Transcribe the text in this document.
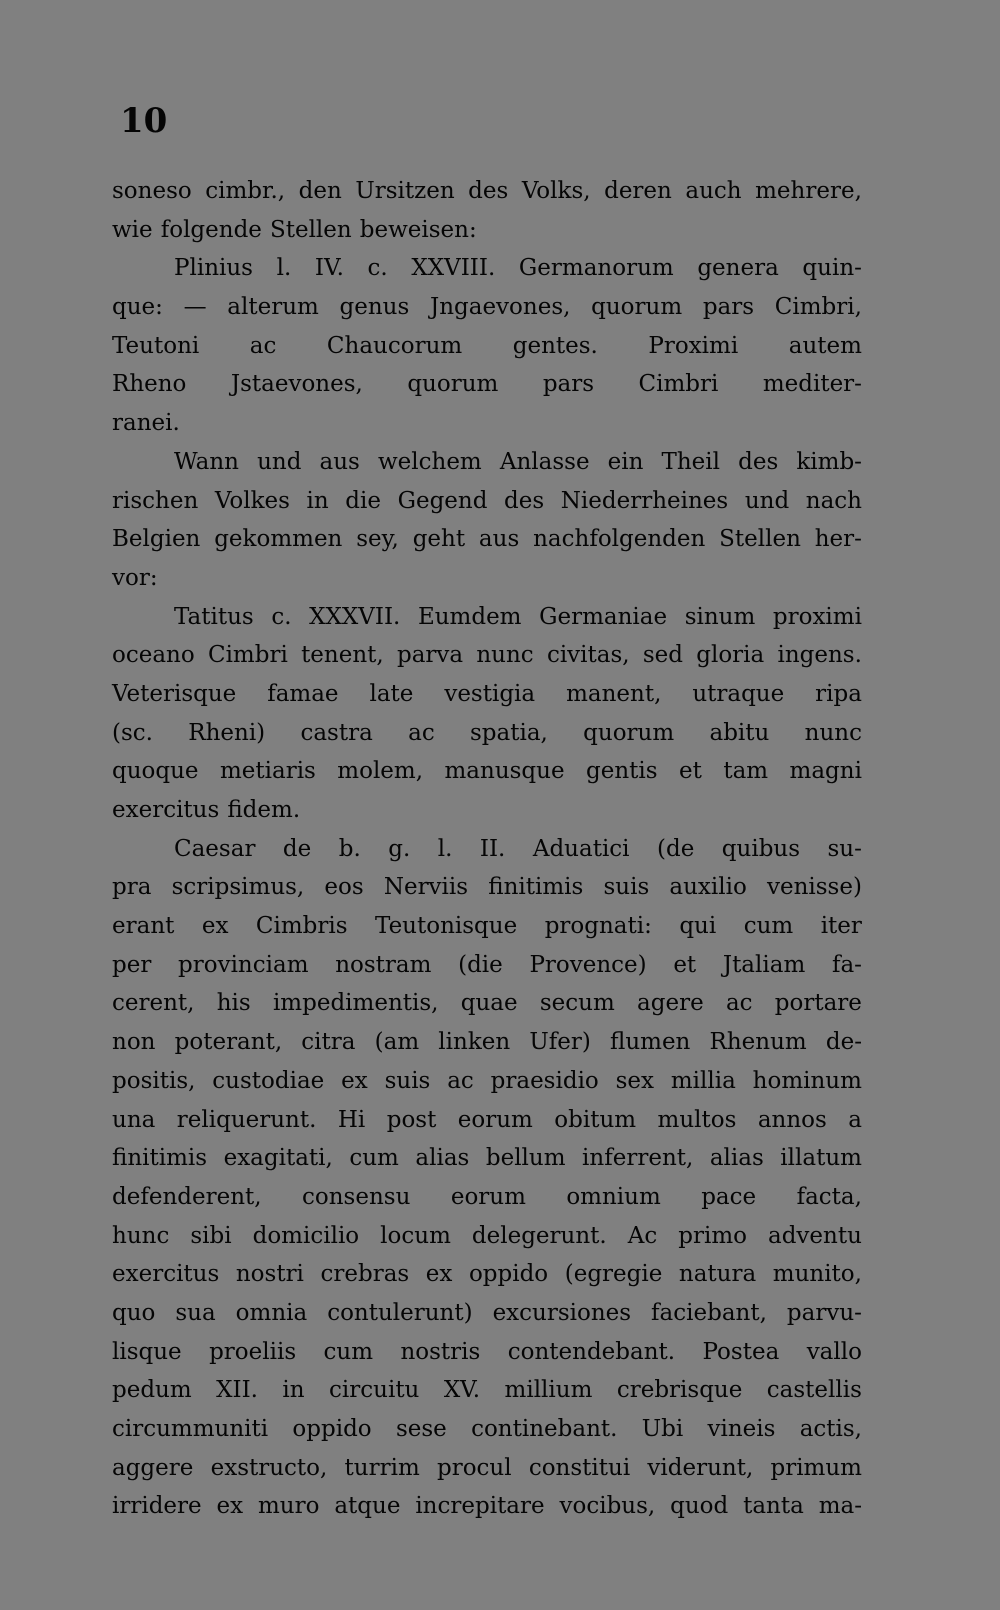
10
soneso cimbr., den Ursitzen des Volks, deren auch mehrere,
wie folgende Stellen beweisen:
Plinius l. IV. c. XXVIII. Germanorum genera quin-
que: — alterum genus Jngaevones, quorum pars Cimbri,
Teutoni ac Chaucorum gentes. Proximi autem
Rheno Jstaevones, quorum pars Cimbri mediter-
ranei.
Wann und aus welchem Anlasse ein Theil des kimb-
rischen Volkes in die Gegend des Niederrheines und nach
Belgien gekommen sey, geht aus nachfolgenden Stellen her-
vor:
Tatitus c. XXXVII. Eumdem Germaniae sinum proximi
oceano Cimbri tenent, parva nunc civitas, sed gloria ingens.
Veterisque famae late vestigia manent, utraque ripa
(sc. Rheni) castra ac spatia, quorum abitu nunc
quoque metiaris molem, manusque gentis et tam magni
exercitus fidem.
Caesar de b. g. l. II. Aduatici (de quibus su-
pra scripsimus, eos Nerviis finitimis suis auxilio venisse)
erant ex Cimbris Teutonisque prognati: qui cum iter
per provinciam nostram (die Provence) et Jtaliam fa-
cerent, his impedimentis, quae secum agere ac portare
non poterant, citra (am linken Ufer) flumen Rhenum de-
positis, custodiae ex suis ac praesidio sex millia hominum
una reliquerunt. Hi post eorum obitum multos annos a
finitimis exagitati, cum alias bellum inferrent, alias illatum
defenderent, consensu eorum omnium pace facta,
hunc sibi domicilio locum delegerunt. Ac primo adventu
exercitus nostri crebras ex oppido (egregie natura munito,
quo sua omnia contulerunt) excursiones faciebant, parvu-
lisque proeliis cum nostris contendebant. Postea vallo
pedum XII. in circuitu XV. millium crebrisque castellis
circummuniti oppido sese continebant. Ubi vineis actis,
aggere exstructo, turrim procul constitui viderunt, primum
irridere ex muro atque increpitare vocibus, quod tanta ma-
